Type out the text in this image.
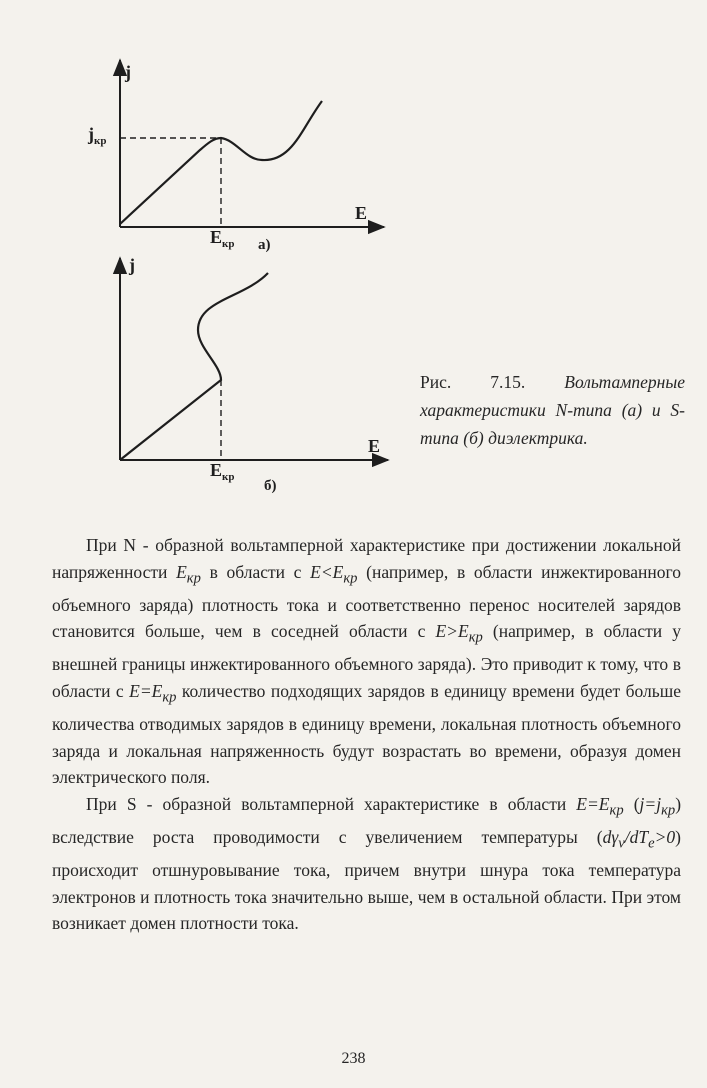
j
$j_{кр}$
E
$E_{кр}$ а)
j
E
$E_{кр}$
б)
Рис. 7.15. Вольтамперные характеристики N-типа (а) и S-типа (б) диэлектрика.

При N - образной вольтамперной характеристике при достижении локальной напряженности $E_{кр}$ в области с $E<E_{кр}$ (например, в области инжектированного объемного заряда) плотность тока и соответственно перенос носителей зарядов становится больше, чем в соседней области с $E>E_{кр}$ (например, в области у внешней границы инжектированного объемного заряда). Это приводит к тому, что в области с $E=E_{кр}$ количество подходящих зарядов в единицу времени будет больше количества отводимых зарядов в единицу времени, локальная плотность объемного заряда и локальная напряженность будут возрастать во времени, образуя домен электрического поля.

При S - образной вольтамперной характеристике в области $E=E_{кр}$ $(j=j_{кр})$ вследствие роста проводимости с увеличением температуры $(d\gamma_v/dT_e>0)$ происходит отшнуровывание тока, причем внутри шнура тока температура электронов и плотность тока значительно выше, чем в остальной области. При этом возникает домен плотности тока.

238
